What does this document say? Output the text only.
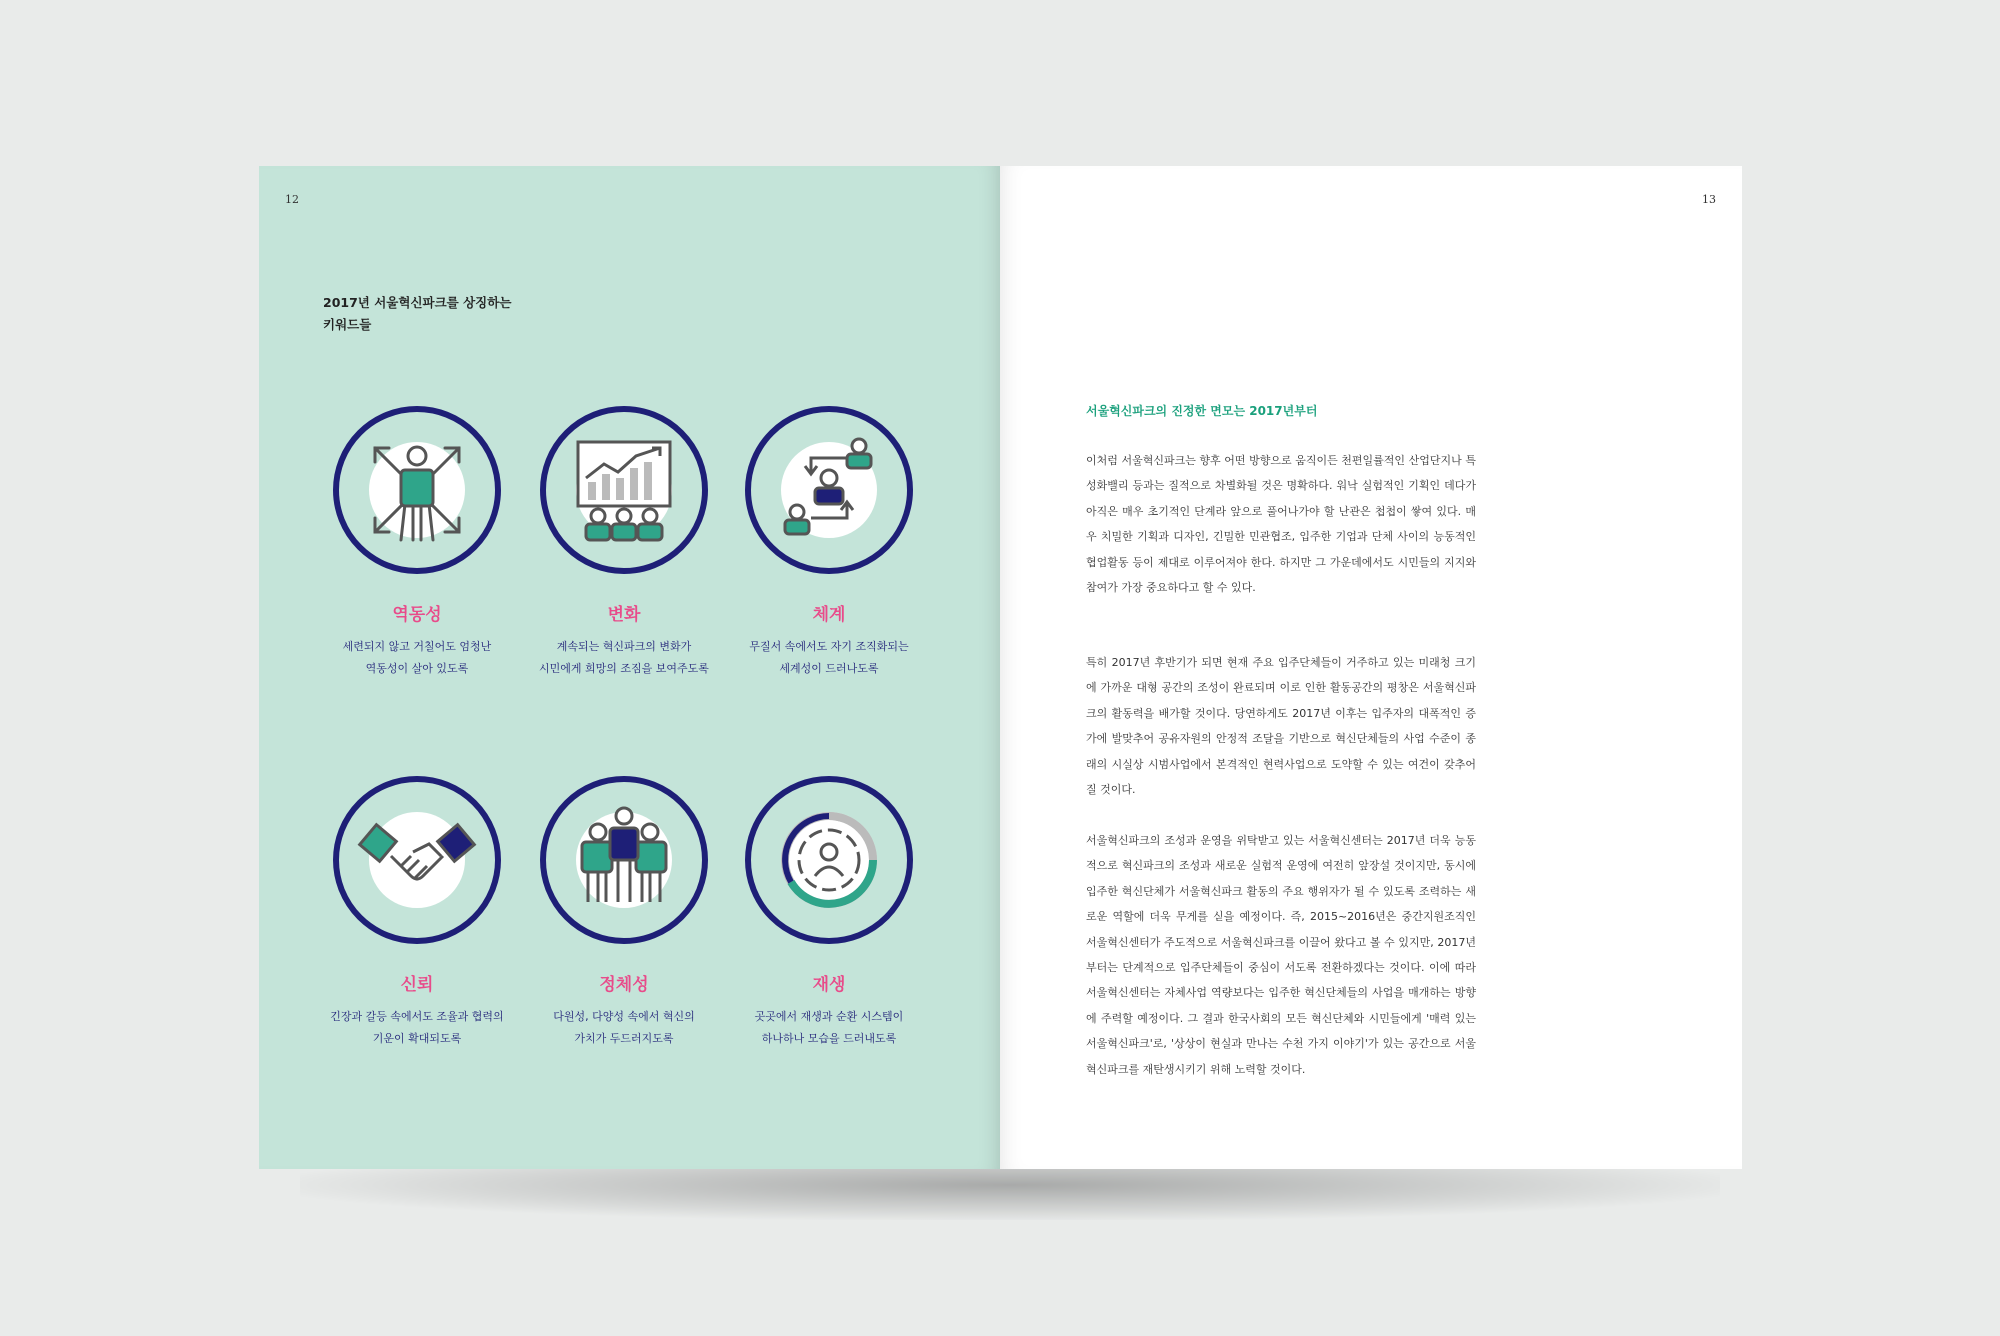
12
2017년 서울혁신파크를 상징하는
키워드들
역동성
세련되지 않고 거칠어도 엄청난
역동성이 살아 있도록
변화
계속되는 혁신파크의 변화가
시민에게 희망의 조짐을 보여주도록
체계
무질서 속에서도 자기 조직화되는
세계성이 드러나도록
신뢰
긴장과 갈등 속에서도 조율과 협력의
기운이 확대되도록
정체성
다원성, 다양성 속에서 혁신의
가치가 두드러지도록
재생
곳곳에서 재생과 순환 시스템이
하나하나 모습을 드러내도록
13
서울혁신파크의 진정한 면모는 2017년부터
이처럼 서울혁신파크는 향후 어떤 방향으로 움직이든 천편일률적인 산업단지나 특성화밸리 등과는 질적으로 차별화될 것은 명확하다. 워낙 실험적인 기획인 데다가 아직은 매우 초기적인 단계라 앞으로 풀어나가야 할 난관은 첩첩이 쌓여 있다. 매우 치밀한 기획과 디자인, 긴밀한 민관협조, 입주한 기업과 단체 사이의 능동적인 협업활동 등이 제대로 이루어져야 한다. 하지만 그 가운데에서도 시민들의 지지와 참여가 가장 중요하다고 할 수 있다.
특히 2017년 후반기가 되면 현재 주요 입주단체들이 거주하고 있는 미래청 크기에 가까운 대형 공간의 조성이 완료되며 이로 인한 활동공간의 평창은 서울혁신파크의 활동력을 배가할 것이다. 당연하게도 2017년 이후는 입주자의 대폭적인 증가에 발맞추어 공유자원의 안정적 조달을 기반으로 혁신단체들의 사업 수준이 종래의 시실상 시범사업에서 본격적인 현력사업으로 도약할 수 있는 여건이 갖추어질 것이다.
서울혁신파크의 조성과 운영을 위탁받고 있는 서울혁신센터는 2017년 더욱 능동적으로 혁신파크의 조성과 새로운 실험적 운영에 여전히 앞장설 것이지만, 동시에 입주한 혁신단체가 서울혁신파크 활동의 주요 행위자가 될 수 있도록 조력하는 새로운 역할에 더욱 무게를 싣을 예정이다. 즉, 2015~2016년은 중간지원조직인 서울혁신센터가 주도적으로 서울혁신파크를 이끌어 왔다고 볼 수 있지만, 2017년부터는 단계적으로 입주단체들이 중심이 서도록 전환하겠다는 것이다. 이에 따라 서울혁신센터는 자체사업 역량보다는 입주한 혁신단체들의 사업을 매개하는 방향에 주력할 예정이다. 그 결과 한국사회의 모든 혁신단체와 시민들에게 '매력 있는 서울혁신파크'로, '상상이 현실과 만나는 수천 가지 이야기'가 있는 공간으로 서울혁신파크를 재탄생시키기 위해 노력할 것이다.
